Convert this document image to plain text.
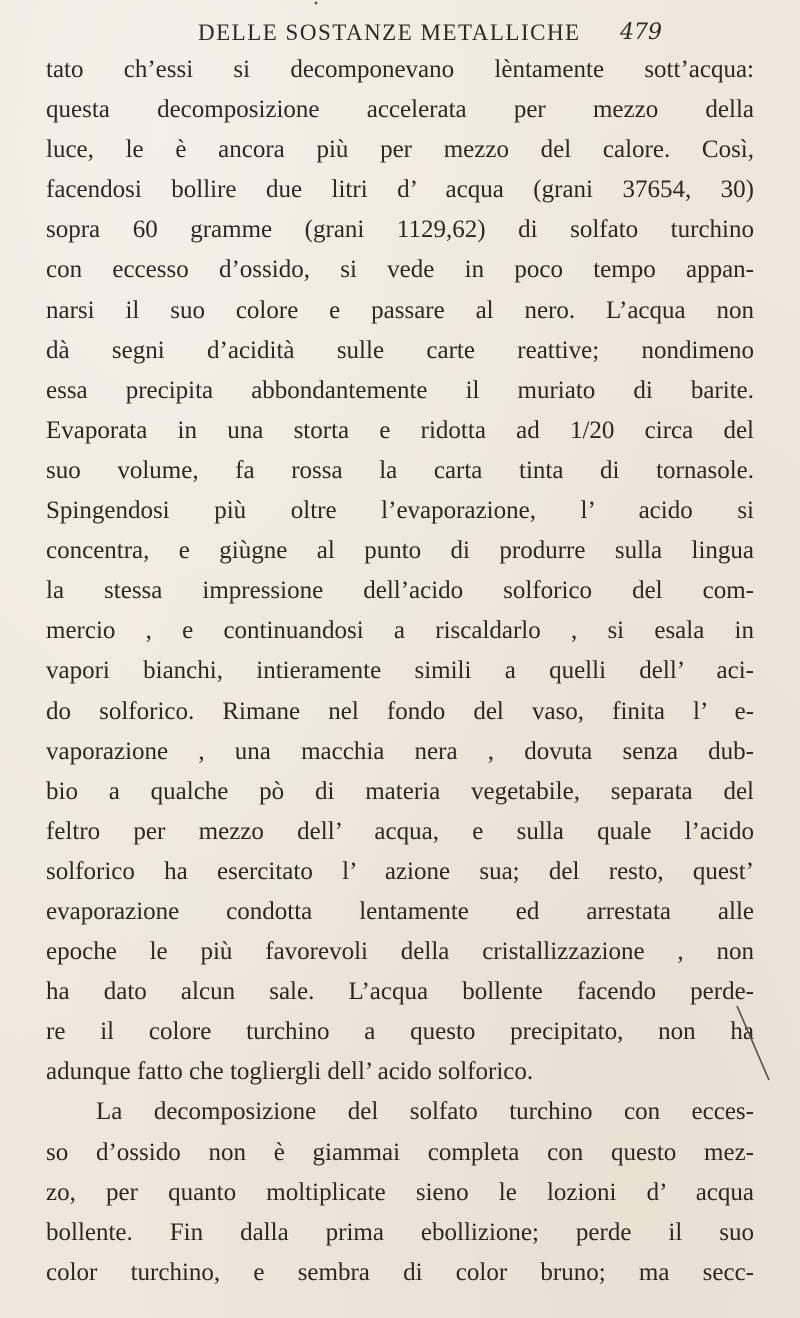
DELLE SOSTANZE METALLICHE 479
tato ch’essi si decomponevano lèntamente sott’acqua:
questa decomposizione accelerata per mezzo della
luce, le è ancora più per mezzo del calore. Così,
facendosi bollire due litri d’ acqua (grani 37654, 30)
sopra 60 gramme (grani 1129,62) di solfato turchino
con eccesso d’ossido, si vede in poco tempo appan-
narsi il suo colore e passare al nero. L’acqua non
dà segni d’acidità sulle carte reattive; nondimeno
essa precipita abbondantemente il muriato di barite.
Evaporata in una storta e ridotta ad 1/20 circa del
suo volume, fa rossa la carta tinta di tornasole.
Spingendosi più oltre l’evaporazione, l’ acido si
concentra, e giùgne al punto di produrre sulla lingua
la stessa impressione dell’acido solforico del com-
mercio , e continuandosi a riscaldarlo , si esala in
vapori bianchi, intieramente simili a quelli dell’ aci-
do solforico. Rimane nel fondo del vaso, finita l’ e-
vaporazione , una macchia nera , dovuta senza dub-
bio a qualche pò di materia vegetabile, separata del
feltro per mezzo dell’ acqua, e sulla quale l’acido
solforico ha esercitato l’ azione sua; del resto, quest’
evaporazione condotta lentamente ed arrestata alle
epoche le più favorevoli della cristallizzazione , non
ha dato alcun sale. L’acqua bollente facendo perde-
re il colore turchino a questo precipitato, non ha
adunque fatto che togliergli dell’ acido solforico.
La decomposizione del solfato turchino con ecces-
so d’ossido non è giammai completa con questo mez-
zo, per quanto moltiplicate sieno le lozioni d’ acqua
bollente. Fin dalla prima ebollizione; perde il suo
color turchino, e sembra di color bruno; ma secc-
